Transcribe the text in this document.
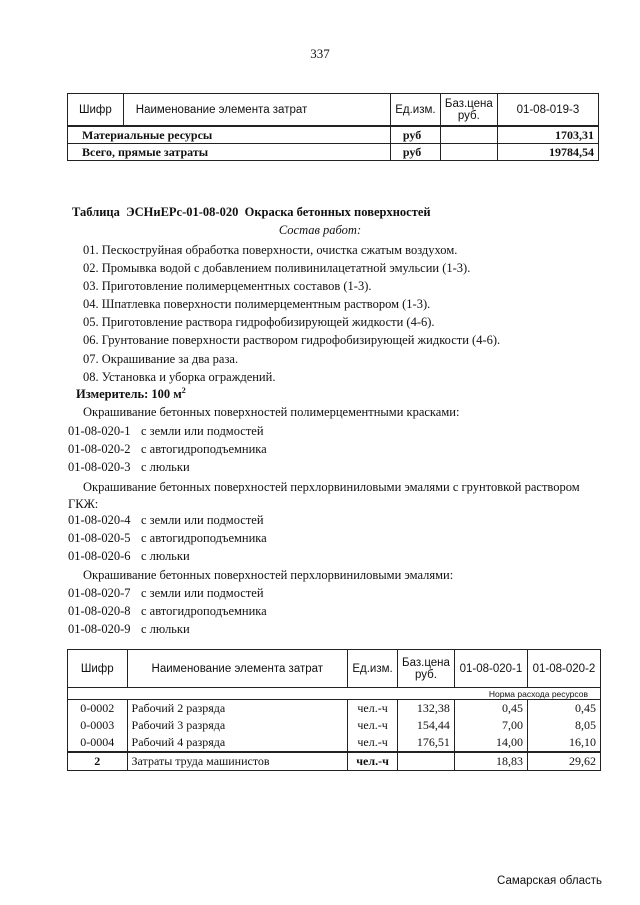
337
Шифр	Наименование элемента затрат	Ед.изм.	Баз.цена руб.	01-08-019-3
Материальные ресурсы		руб		1703,31
Всего, прямые затраты		руб		19784,54
Таблица ЭСНиЕРс-01-08-020 Окраска бетонных поверхностей
Состав работ:
01. Пескоструйная обработка поверхности, очистка сжатым воздухом.
02. Промывка водой с добавлением поливинилацетатной эмульсии (1-3).
03. Приготовление полимерцементных составов (1-3).
04. Шпатлевка поверхности полимерцементным раствором (1-3).
05. Приготовление раствора гидрофобизирующей жидкости (4-6).
06. Грунтование поверхности раствором гидрофобизирующей жидкости (4-6).
07. Окрашивание за два раза.
08. Установка и уборка ограждений.
Измеритель: 100 $м^2$
Окрашивание бетонных поверхностей полимерцементными красками:
01-08-020-1 с земли или подмостей
01-08-020-2 с автогидроподъемника
01-08-020-3 с люльки
Окрашивание бетонных поверхностей перхлорвиниловыми эмалями с грунтовкой раствором ГКЖ:
01-08-020-4 с земли или подмостей
01-08-020-5 с автогидроподъемника
01-08-020-6 с люльки
Окрашивание бетонных поверхностей перхлорвиниловыми эмалями:
01-08-020-7 с земли или подмостей
01-08-020-8 с автогидроподъемника
01-08-020-9 с люльки
Шифр	Наименование элемента затрат	Ед.изм.	Баз.цена руб.	01-08-020-1	01-08-020-2
Норма расхода ресурсов					
0-0002	Рабочий 2 разряда	чел.-ч	132,38	0,45	0,45
0-0003	Рабочий 3 разряда	чел.-ч	154,44	7,00	8,05
0-0004	Рабочий 4 разряда	чел.-ч	176,51	14,00	16,10
2	Затраты труда машинистов	чел.-ч		18,83	29,62
Самарская область
